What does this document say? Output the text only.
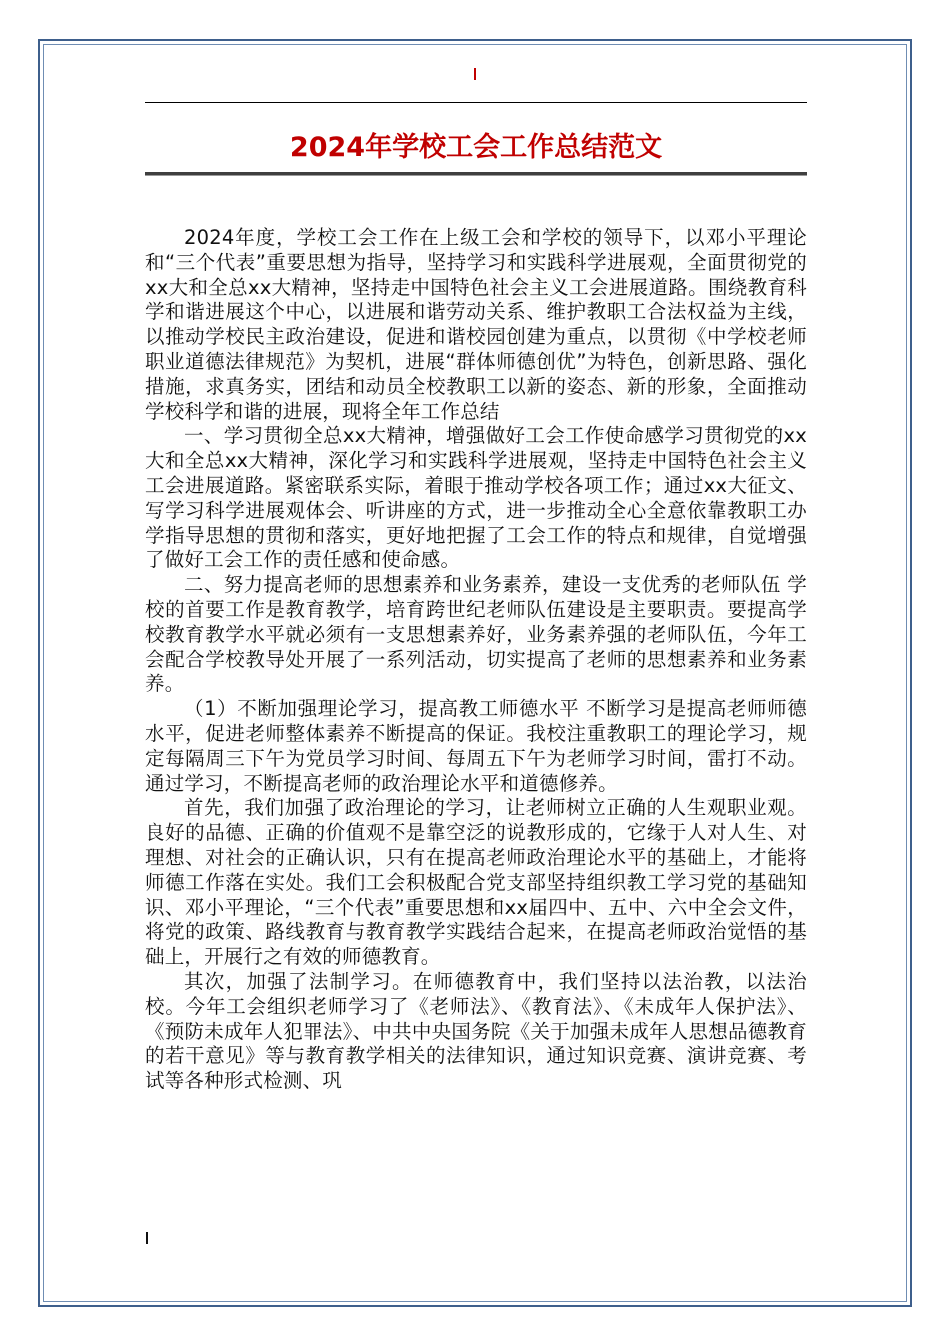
2024年学校工会工作总结范文

2024年度，学校工会工作在上级工会和学校的领导下，以邓小平理论和“三个代表”重要思想为指导，坚持学习和实践科学进展观，全面贯彻党的xx大和全总xx大精神，坚持走中国特色社会主义工会进展道路。围绕教育科学和谐进展这个中心，以进展和谐劳动关系、维护教职工合法权益为主线，以推动学校民主政治建设，促进和谐校园创建为重点，以贯彻《中学校老师职业道德法律规范》为契机，进展“群体师德创优”为特色，创新思路、强化措施，求真务实，团结和动员全校教职工以新的姿态、新的形象，全面推动学校科学和谐的进展，现将全年工作总结

一、学习贯彻全总xx大精神，增强做好工会工作使命感学习贯彻党的xx大和全总xx大精神，深化学习和实践科学进展观，坚持走中国特色社会主义工会进展道路。紧密联系实际，着眼于推动学校各项工作；通过xx大征文、写学习科学进展观体会、听讲座的方式，进一步推动全心全意依靠教职工办学指导思想的贯彻和落实，更好地把握了工会工作的特点和规律，自觉增强了做好工会工作的责任感和使命感。

二、努力提高老师的思想素养和业务素养，建设一支优秀的老师队伍 学校的首要工作是教育教学，培育跨世纪老师队伍建设是主要职责。要提高学校教育教学水平就必须有一支思想素养好，业务素养强的老师队伍，今年工会配合学校教导处开展了一系列活动，切实提高了老师的思想素养和业务素养。

（1）不断加强理论学习，提高教工师德水平 不断学习是提高老师师德水平，促进老师整体素养不断提高的保证。我校注重教职工的理论学习，规定每隔周三下午为党员学习时间、每周五下午为老师学习时间，雷打不动。通过学习，不断提高老师的政治理论水平和道德修养。

首先，我们加强了政治理论的学习，让老师树立正确的人生观职业观。良好的品德、正确的价值观不是靠空泛的说教形成的，它缘于人对人生、对理想、对社会的正确认识，只有在提高老师政治理论水平的基础上，才能将师德工作落在实处。我们工会积极配合党支部坚持组织教工学习党的基础知识、邓小平理论，“三个代表”重要思想和xx届四中、五中、六中全会文件，将党的政策、路线教育与教育教学实践结合起来，在提高老师政治觉悟的基础上，开展行之有效的师德教育。

其次，加强了法制学习。在师德教育中，我们坚持以法治教，以法治校。今年工会组织老师学习了《老师法》、《教育法》、《未成年人保护法》、《预防未成年人犯罪法》、中共中央国务院《关于加强未成年人思想品德教育的若干意见》等与教育教学相关的法律知识，通过知识竞赛、演讲竞赛、考试等各种形式检测、巩
